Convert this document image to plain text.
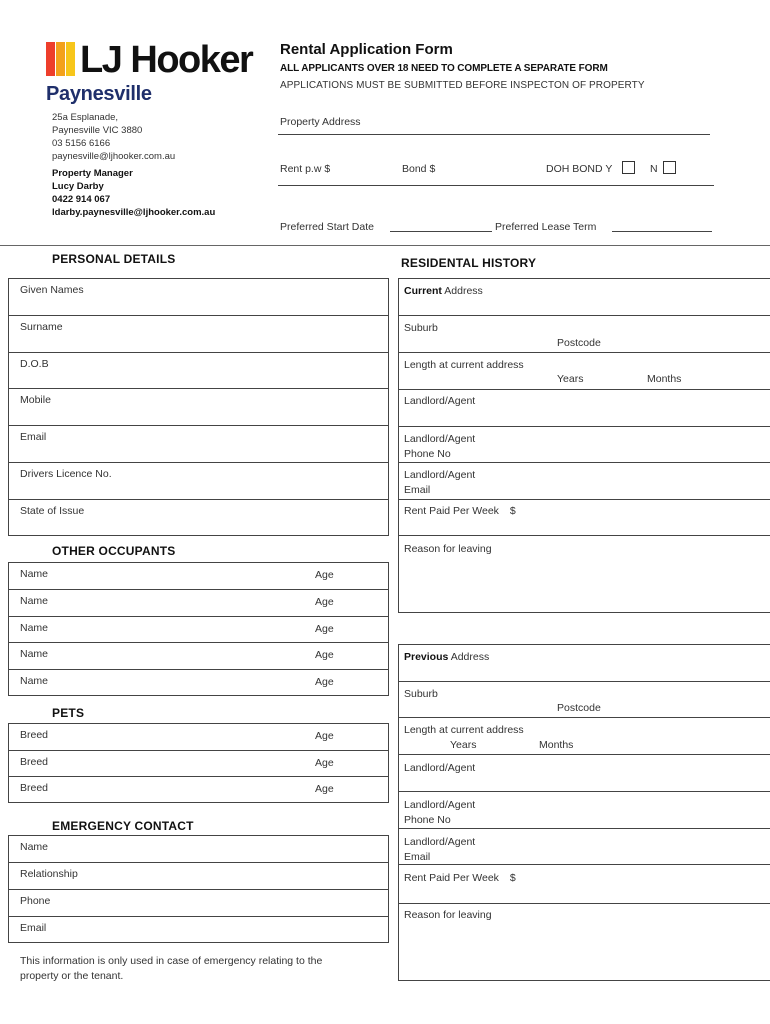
LJ Hooker
Paynesville
25a Esplanade,
Paynesville VIC 3880
03 5156 6166
paynesville@ljhooker.com.au
Property Manager
Lucy Darby
0422 914 067
ldarby.paynesville@ljhooker.com.au
Rental Application Form
ALL APPLICANTS OVER 18 NEED TO COMPLETE A SEPARATE FORM
APPLICATIONS MUST BE SUBMITTED BEFORE INSPECTON OF PROPERTY
Property Address
Rent p.w $	Bond $	DOH BOND Y	N
Preferred Start Date	Preferred Lease Term
PERSONAL DETAILS
Given Names
Surname
D.O.B
Mobile
Email
Drivers Licence No.
State of Issue
OTHER OCCUPANTS
Name	Age
Name	Age
Name	Age
Name	Age
Name	Age
PETS
Breed	Age
Breed	Age
Breed	Age
EMERGENCY CONTACT
Name
Relationship
Phone
Email
This information is only used in case of emergency relating to the
property or the tenant.
RESIDENTAL HISTORY
Current Address
Suburb
Postcode
Length at current address
Years	Months
Landlord/Agent
Landlord/Agent
Phone No
Landlord/Agent
Email
Rent Paid Per Week $
Reason for leaving
Previous Address
Suburb
Postcode
Length at current address
Years	Months
Landlord/Agent
Landlord/Agent
Phone No
Landlord/Agent
Email
Rent Paid Per Week $
Reason for leaving
